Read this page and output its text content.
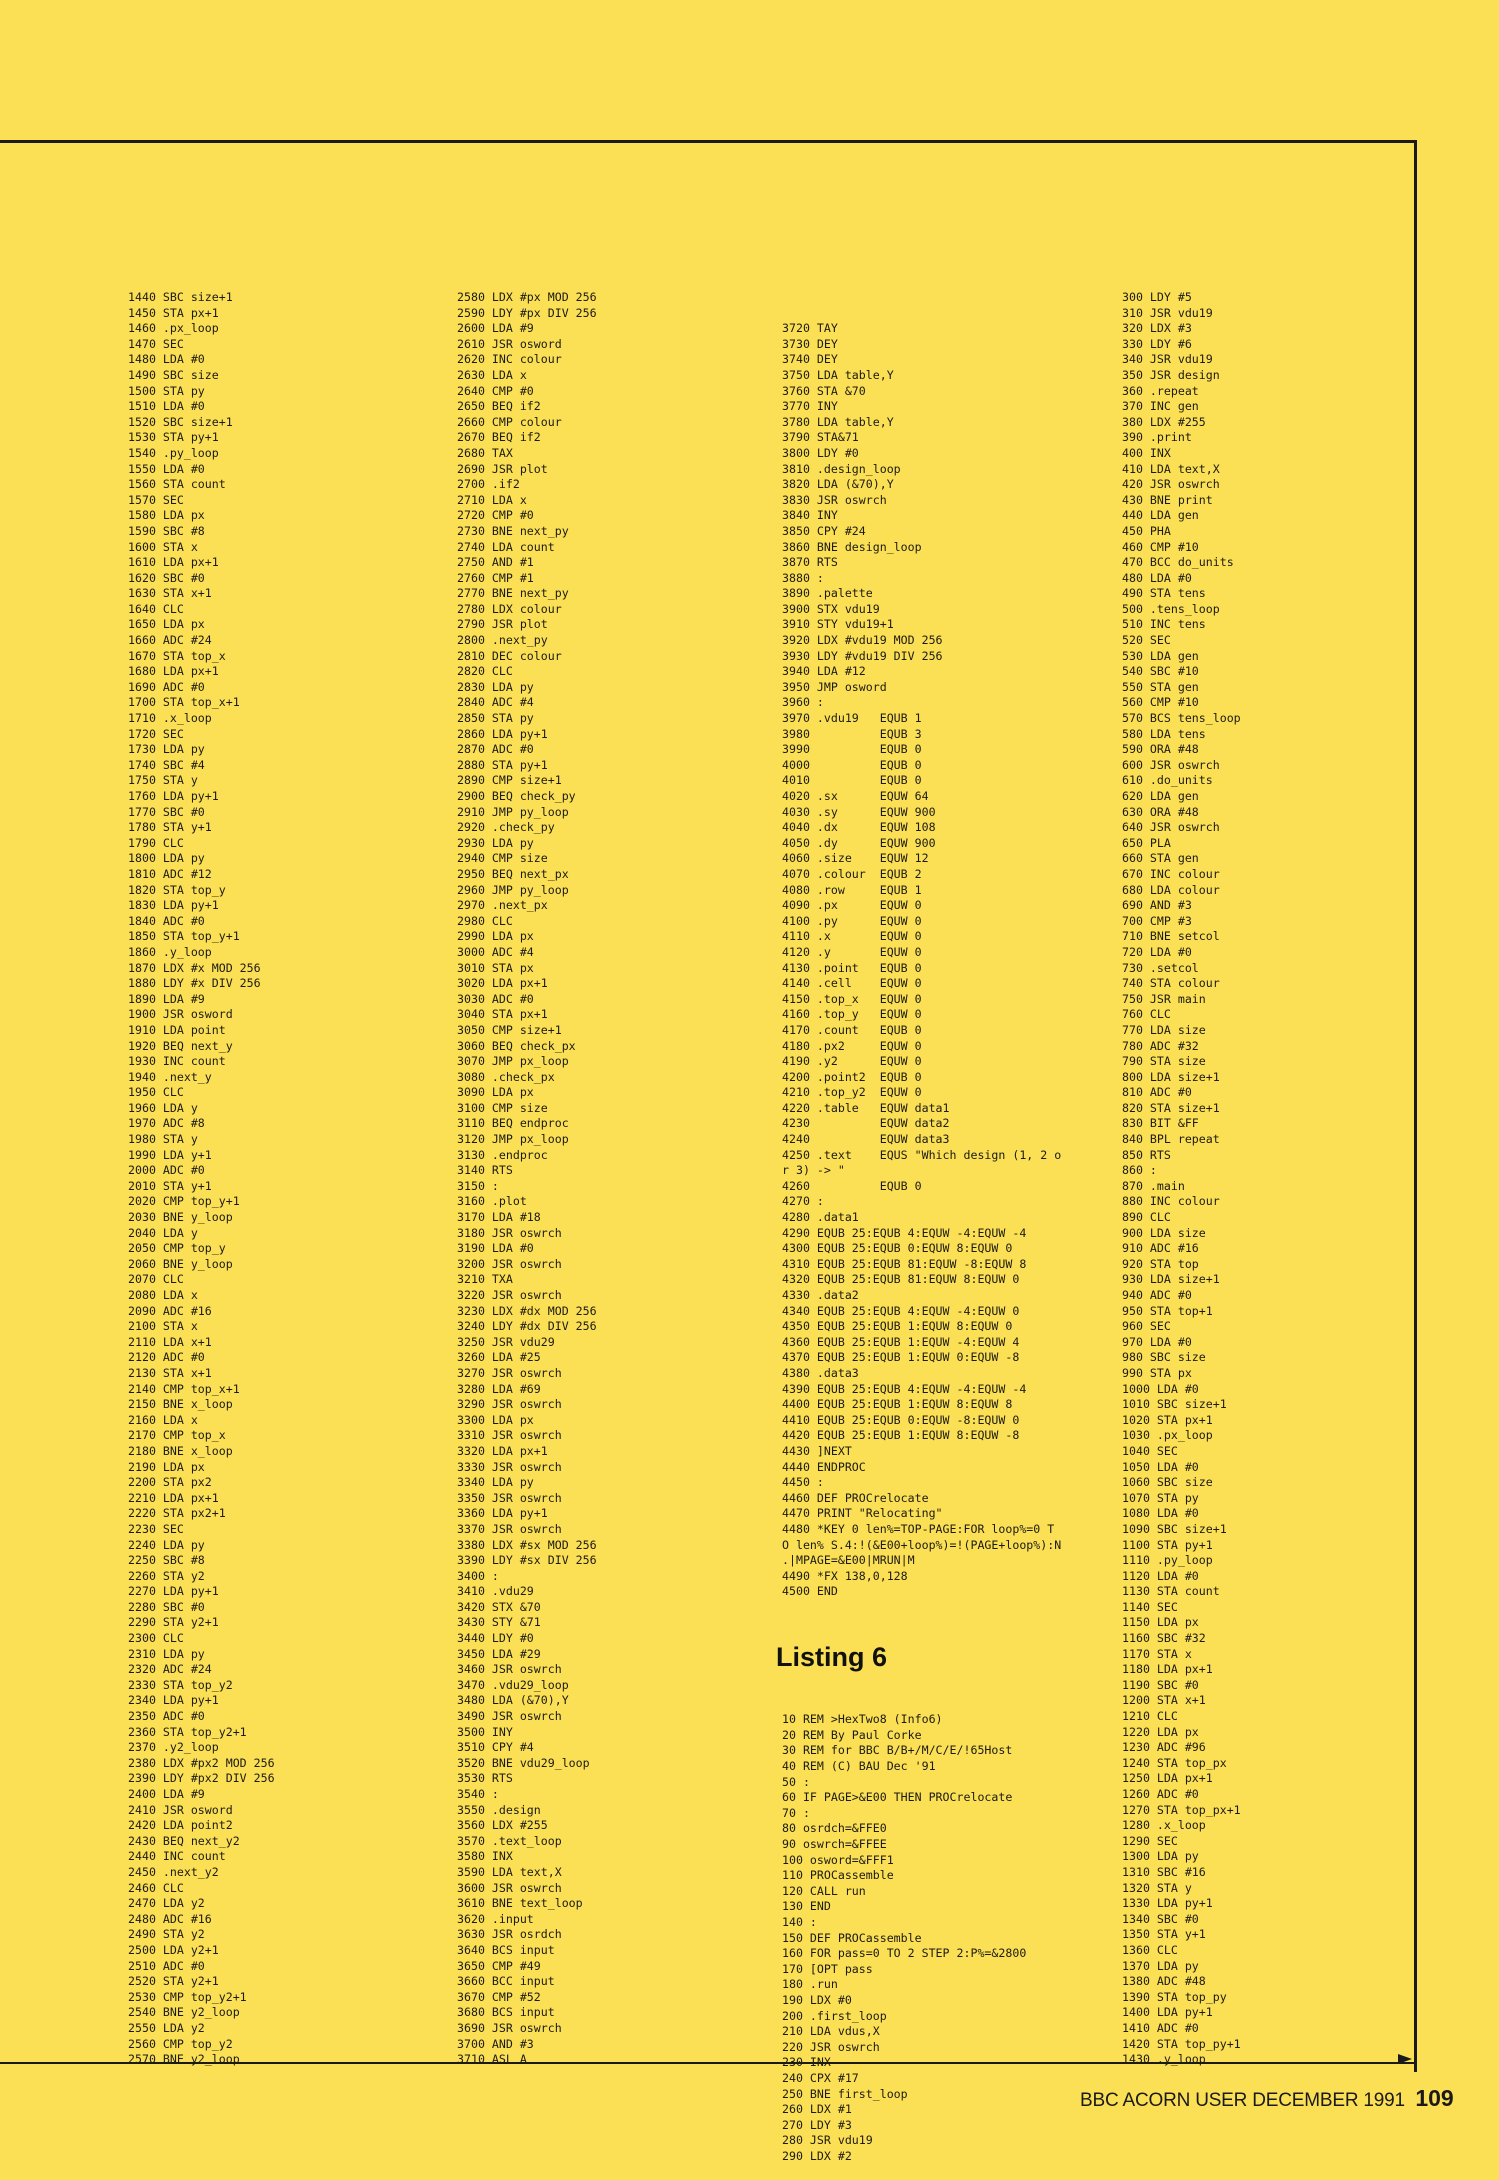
1440 SBC size+1
1450 STA px+1
1460 .px_loop
1470 SEC
1480 LDA #0
1490 SBC size
1500 STA py
1510 LDA #0
1520 SBC size+1
1530 STA py+1
1540 .py_loop
1550 LDA #0
1560 STA count
1570 SEC
1580 LDA px
1590 SBC #8
1600 STA x
1610 LDA px+1
1620 SBC #0
1630 STA x+1
1640 CLC
1650 LDA px
1660 ADC #24
1670 STA top_x
1680 LDA px+1
1690 ADC #0
1700 STA top_x+1
1710 .x_loop
1720 SEC
1730 LDA py
1740 SBC #4
1750 STA y
1760 LDA py+1
1770 SBC #0
1780 STA y+1
1790 CLC
1800 LDA py
1810 ADC #12
1820 STA top_y
1830 LDA py+1
1840 ADC #0
1850 STA top_y+1
1860 .y_loop
1870 LDX #x MOD 256
1880 LDY #x DIV 256
1890 LDA #9
1900 JSR osword
1910 LDA point
1920 BEQ next_y
1930 INC count
1940 .next_y
1950 CLC
1960 LDA y
1970 ADC #8
1980 STA y
1990 LDA y+1
2000 ADC #0
2010 STA y+1
2020 CMP top_y+1
2030 BNE y_loop
2040 LDA y
2050 CMP top_y
2060 BNE y_loop
2070 CLC
2080 LDA x
2090 ADC #16
2100 STA x
2110 LDA x+1
2120 ADC #0
2130 STA x+1
2140 CMP top_x+1
2150 BNE x_loop
2160 LDA x
2170 CMP top_x
2180 BNE x_loop
2190 LDA px
2200 STA px2
2210 LDA px+1
2220 STA px2+1
2230 SEC
2240 LDA py
2250 SBC #8
2260 STA y2
2270 LDA py+1
2280 SBC #0
2290 STA y2+1
2300 CLC
2310 LDA py
2320 ADC #24
2330 STA top_y2
2340 LDA py+1
2350 ADC #0
2360 STA top_y2+1
2370 .y2_loop
2380 LDX #px2 MOD 256
2390 LDY #px2 DIV 256
2400 LDA #9
2410 JSR osword
2420 LDA point2
2430 BEQ next_y2
2440 INC count
2450 .next_y2
2460 CLC
2470 LDA y2
2480 ADC #16
2490 STA y2
2500 LDA y2+1
2510 ADC #0
2520 STA y2+1
2530 CMP top_y2+1
2540 BNE y2_loop
2550 LDA y2
2560 CMP top_y2
2570 BNE y2_loop
2580 LDX #px MOD 256
2590 LDY #px DIV 256
2600 LDA #9
2610 JSR osword
2620 INC colour
2630 LDA x
2640 CMP #0
2650 BEQ if2
2660 CMP colour
2670 BEQ if2
2680 TAX
2690 JSR plot
2700 .if2
2710 LDA x
2720 CMP #0
2730 BNE next_py
2740 LDA count
2750 AND #1
2760 CMP #1
2770 BNE next_py
2780 LDX colour
2790 JSR plot
2800 .next_py
2810 DEC colour
2820 CLC
2830 LDA py
2840 ADC #4
2850 STA py
2860 LDA py+1
2870 ADC #0
2880 STA py+1
2890 CMP size+1
2900 BEQ check_py
2910 JMP py_loop
2920 .check_py
2930 LDA py
2940 CMP size
2950 BEQ next_px
2960 JMP py_loop
2970 .next_px
2980 CLC
2990 LDA px
3000 ADC #4
3010 STA px
3020 LDA px+1
3030 ADC #0
3040 STA px+1
3050 CMP size+1
3060 BEQ check_px
3070 JMP px_loop
3080 .check_px
3090 LDA px
3100 CMP size
3110 BEQ endproc
3120 JMP px_loop
3130 .endproc
3140 RTS
3150 :
3160 .plot
3170 LDA #18
3180 JSR oswrch
3190 LDA #0
3200 JSR oswrch
3210 TXA
3220 JSR oswrch
3230 LDX #dx MOD 256
3240 LDY #dx DIV 256
3250 JSR vdu29
3260 LDA #25
3270 JSR oswrch
3280 LDA #69
3290 JSR oswrch
3300 LDA px
3310 JSR oswrch
3320 LDA px+1
3330 JSR oswrch
3340 LDA py
3350 JSR oswrch
3360 LDA py+1
3370 JSR oswrch
3380 LDX #sx MOD 256
3390 LDY #sx DIV 256
3400 :
3410 .vdu29
3420 STX &70
3430 STY &71
3440 LDY #0
3450 LDA #29
3460 JSR oswrch
3470 .vdu29_loop
3480 LDA (&70),Y
3490 JSR oswrch
3500 INY
3510 CPY #4
3520 BNE vdu29_loop
3530 RTS
3540 :
3550 .design
3560 LDX #255
3570 .text_loop
3580 INX
3590 LDA text,X
3600 JSR oswrch
3610 BNE text_loop
3620 .input
3630 JSR osrdch
3640 BCS input
3650 CMP #49
3660 BCC input
3670 CMP #52
3680 BCS input
3690 JSR oswrch
3700 AND #3
3710 ASL A

3720 TAY
3730 DEY
3740 DEY
3750 LDA table,Y
3760 STA &70
3770 INY
3780 LDA table,Y
3790 STA&71
3800 LDY #0
3810 .design_loop
3820 LDA (&70),Y
3830 JSR oswrch
3840 INY
3850 CPY #24
3860 BNE design_loop
3870 RTS
3880 :
3890 .palette
3900 STX vdu19
3910 STY vdu19+1
3920 LDX #vdu19 MOD 256
3930 LDY #vdu19 DIV 256
3940 LDA #12
3950 JMP osword
3960 :
3970 .vdu19   EQUB 1
3980          EQUB 3
3990          EQUB 0
4000          EQUB 0
4010          EQUB 0
4020 .sx      EQUW 64
4030 .sy      EQUW 900
4040 .dx      EQUW 108
4050 .dy      EQUW 900
4060 .size    EQUW 12
4070 .colour  EQUB 2
4080 .row     EQUB 1
4090 .px      EQUW 0
4100 .py      EQUW 0
4110 .x       EQUW 0
4120 .y       EQUW 0
4130 .point   EQUB 0
4140 .cell    EQUW 0
4150 .top_x   EQUW 0
4160 .top_y   EQUW 0
4170 .count   EQUB 0
4180 .px2     EQUW 0
4190 .y2      EQUW 0
4200 .point2  EQUB 0
4210 .top_y2  EQUW 0
4220 .table   EQUW data1
4230          EQUW data2
4240          EQUW data3
4250 .text    EQUS "Which design (1, 2 o
r 3) -> "
4260          EQUB 0
4270 :
4280 .data1
4290 EQUB 25:EQUB 4:EQUW -4:EQUW -4
4300 EQUB 25:EQUB 0:EQUW 8:EQUW 0
4310 EQUB 25:EQUB 81:EQUW -8:EQUW 8
4320 EQUB 25:EQUB 81:EQUW 8:EQUW 0
4330 .data2
4340 EQUB 25:EQUB 4:EQUW -4:EQUW 0
4350 EQUB 25:EQUB 1:EQUW 8:EQUW 0
4360 EQUB 25:EQUB 1:EQUW -4:EQUW 4
4370 EQUB 25:EQUB 1:EQUW 0:EQUW -8
4380 .data3
4390 EQUB 25:EQUB 4:EQUW -4:EQUW -4
4400 EQUB 25:EQUB 1:EQUW 8:EQUW 8
4410 EQUB 25:EQUB 0:EQUW -8:EQUW 0
4420 EQUB 25:EQUB 1:EQUW 8:EQUW -8
4430 ]NEXT
4440 ENDPROC
4450 :
4460 DEF PROCrelocate
4470 PRINT "Relocating"
4480 *KEY 0 len%=TOP-PAGE:FOR loop%=0 T
O len% S.4:!(&E00+loop%)=!(PAGE+loop%):N
.|MPAGE=&E00|MRUN|M
4490 *FX 138,0,128
4500 END

Listing 6

10 REM >HexTwo8 (Info6)
20 REM By Paul Corke
30 REM for BBC B/B+/M/C/E/!65Host
40 REM (C) BAU Dec '91
50 :
60 IF PAGE>&E00 THEN PROCrelocate
70 :
80 osrdch=&FFE0
90 oswrch=&FFEE
100 osword=&FFF1
110 PROCassemble
120 CALL run
130 END
140 :
150 DEF PROCassemble
160 FOR pass=0 TO 2 STEP 2:P%=&2800
170 [OPT pass
180 .run
190 LDX #0
200 .first_loop
210 LDA vdus,X
220 JSR oswrch
230 INX
240 CPX #17
250 BNE first_loop
260 LDX #1
270 LDY #3
280 JSR vdu19
290 LDX #2

300 LDY #5
310 JSR vdu19
320 LDX #3
330 LDY #6
340 JSR vdu19
350 JSR design
360 .repeat
370 INC gen
380 LDX #255
390 .print
400 INX
410 LDA text,X
420 JSR oswrch
430 BNE print
440 LDA gen
450 PHA
460 CMP #10
470 BCC do_units
480 LDA #0
490 STA tens
500 .tens_loop
510 INC tens
520 SEC
530 LDA gen
540 SBC #10
550 STA gen
560 CMP #10
570 BCS tens_loop
580 LDA tens
590 ORA #48
600 JSR oswrch
610 .do_units
620 LDA gen
630 ORA #48
640 JSR oswrch
650 PLA
660 STA gen
670 INC colour
680 LDA colour
690 AND #3
700 CMP #3
710 BNE setcol
720 LDA #0
730 .setcol
740 STA colour
750 JSR main
760 CLC
770 LDA size
780 ADC #32
790 STA size
800 LDA size+1
810 ADC #0
820 STA size+1
830 BIT &FF
840 BPL repeat
850 RTS
860 :
870 .main
880 INC colour
890 CLC
900 LDA size
910 ADC #16
920 STA top
930 LDA size+1
940 ADC #0
950 STA top+1
960 SEC
970 LDA #0
980 SBC size
990 STA px
1000 LDA #0
1010 SBC size+1
1020 STA px+1
1030 .px_loop
1040 SEC
1050 LDA #0
1060 SBC size
1070 STA py
1080 LDA #0
1090 SBC size+1
1100 STA py+1
1110 .py_loop
1120 LDA #0
1130 STA count
1140 SEC
1150 LDA px
1160 SBC #32
1170 STA x
1180 LDA px+1
1190 SBC #0
1200 STA x+1
1210 CLC
1220 LDA px
1230 ADC #96
1240 STA top_px
1250 LDA px+1
1260 ADC #0
1270 STA top_px+1
1280 .x_loop
1290 SEC
1300 LDA py
1310 SBC #16
1320 STA y
1330 LDA py+1
1340 SBC #0
1350 STA y+1
1360 CLC
1370 LDA py
1380 ADC #48
1390 STA top_py
1400 LDA py+1
1410 ADC #0
1420 STA top_py+1
1430 .y_loop
BBC ACORN USER DECEMBER 1991 109
